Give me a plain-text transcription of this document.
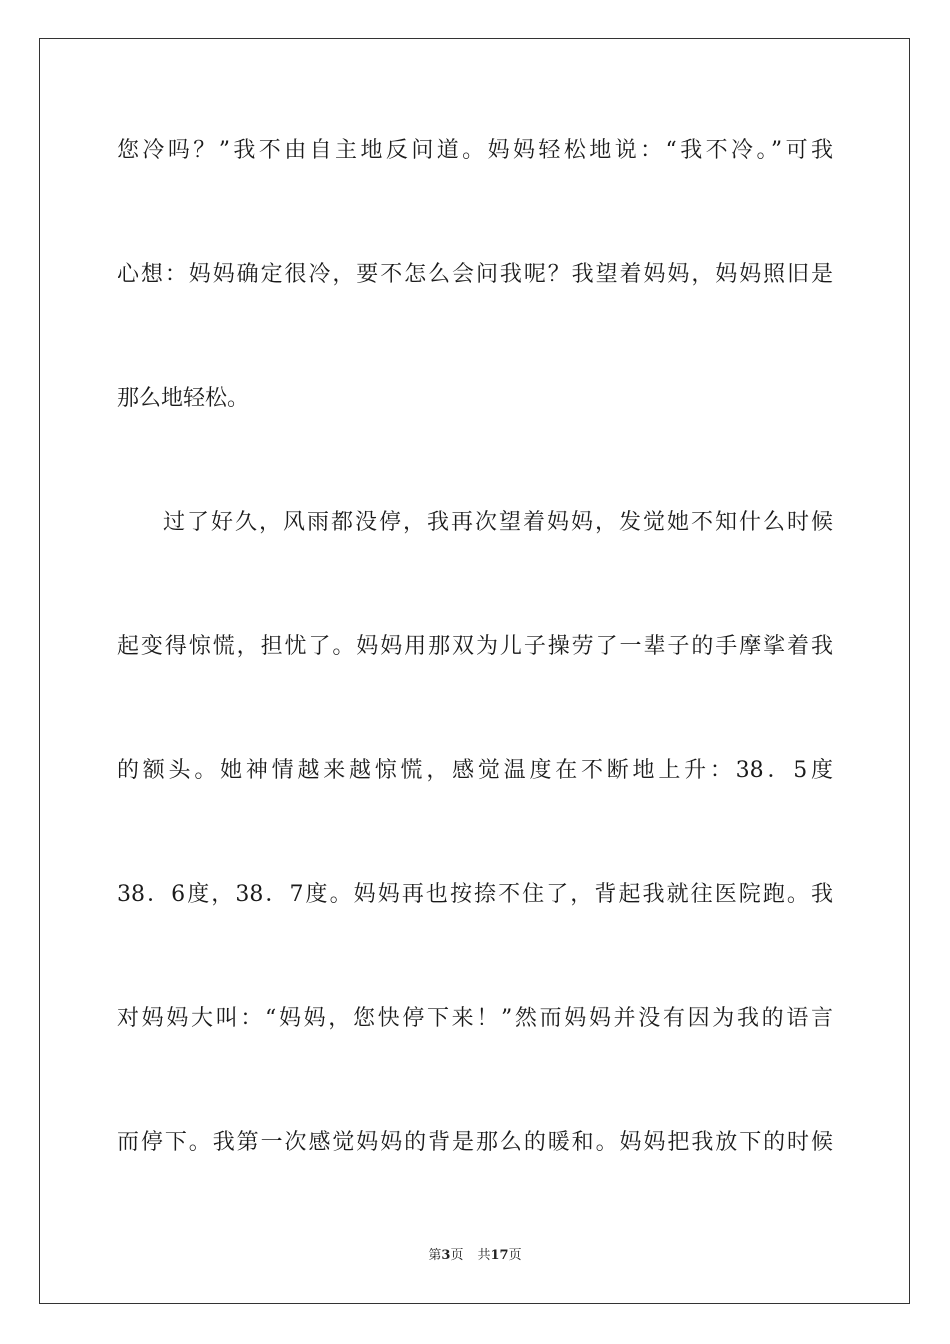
您冷吗？”我不由自主地反问道。妈妈轻松地说：“我不冷。”可我
心想：妈妈确定很冷，要不怎么会问我呢？我望着妈妈，妈妈照旧是
那么地轻松。
过了好久，风雨都没停，我再次望着妈妈，发觉她不知什么时候
起变得惊慌，担忧了。妈妈用那双为儿子操劳了一辈子的手摩挲着我
的额头。她神情越来越惊慌，感觉温度在不断地上升：38．5度
38．6度，38．7度。妈妈再也按捺不住了，背起我就往医院跑。我
对妈妈大叫：“妈妈，您快停下来！”然而妈妈并没有因为我的语言
而停下。我第一次感觉妈妈的背是那么的暖和。妈妈把我放下的时候
第3页 共17页
